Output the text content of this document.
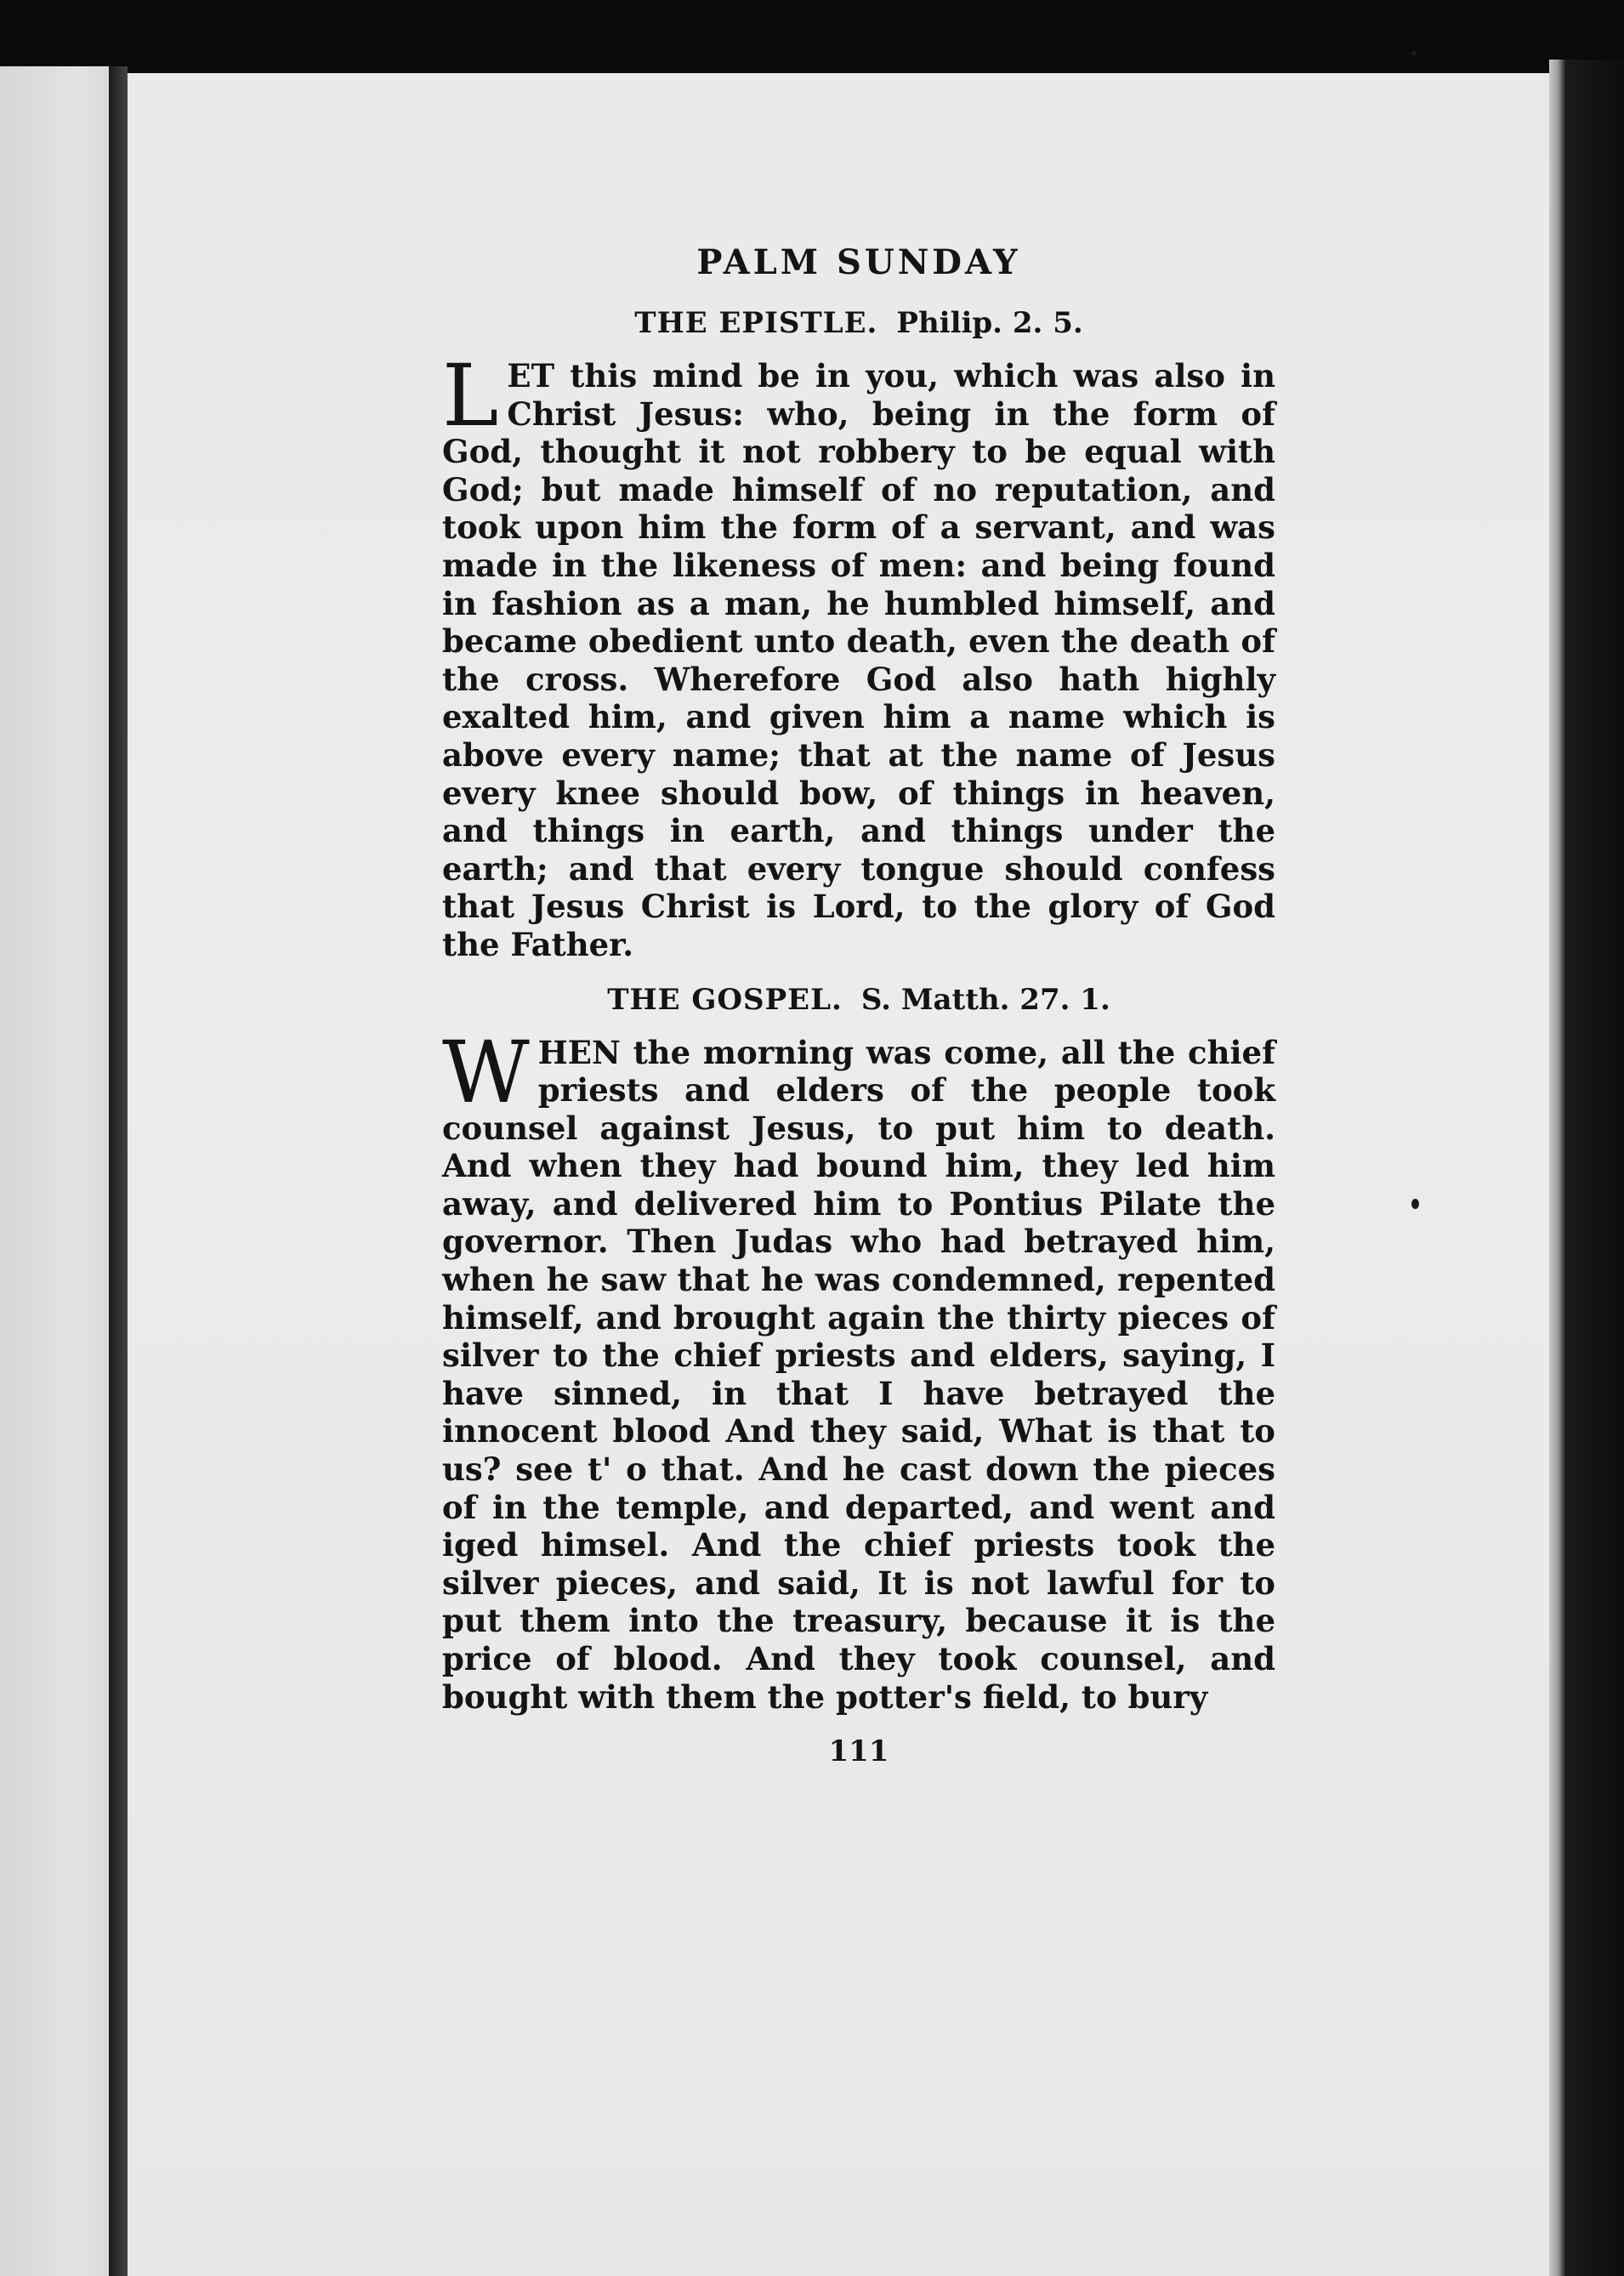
PALM SUNDAY
THE EPISTLE. Philip. 2. 5.

LET this mind be in you, which was also in Christ Jesus: who, being in the form of God, thought it not robbery to be equal with God; but made himself of no reputation, and took upon him the form of a servant, and was made in the likeness of men: and being found in fashion as a man, he humbled himself, and became obedient unto death, even the death of the cross. Wherefore God also hath highly exalted him, and given him a name which is above every name; that at the name of Jesus every knee should bow, of things in heaven, and things in earth, and things under the earth; and that every tongue should confess that Jesus Christ is Lord, to the glory of God the Father.

THE GOSPEL. S. Matth. 27. 1.

WHEN the morning was come, all the chief priests and elders of the people took counsel against Jesus, to put him to death. And when they had bound him, they led him away, and delivered him to Pontius Pilate the governor. Then Judas who had betrayed him, when he saw that he was condemned, repented himself, and brought again the thirty pieces of silver to the chief priests and elders, saying, I have sinned, in that I have betrayed the innocent blood And they said, What is that to us? see t' o that. And he cast down the pieces of in the temple, and departed, and went and iged himsel. And the chief priests took the silver pieces, and said, It is not lawful for to put them into the treasury, because it is the price of blood. And they took counsel, and bought with them the potter's field, to bury

111
